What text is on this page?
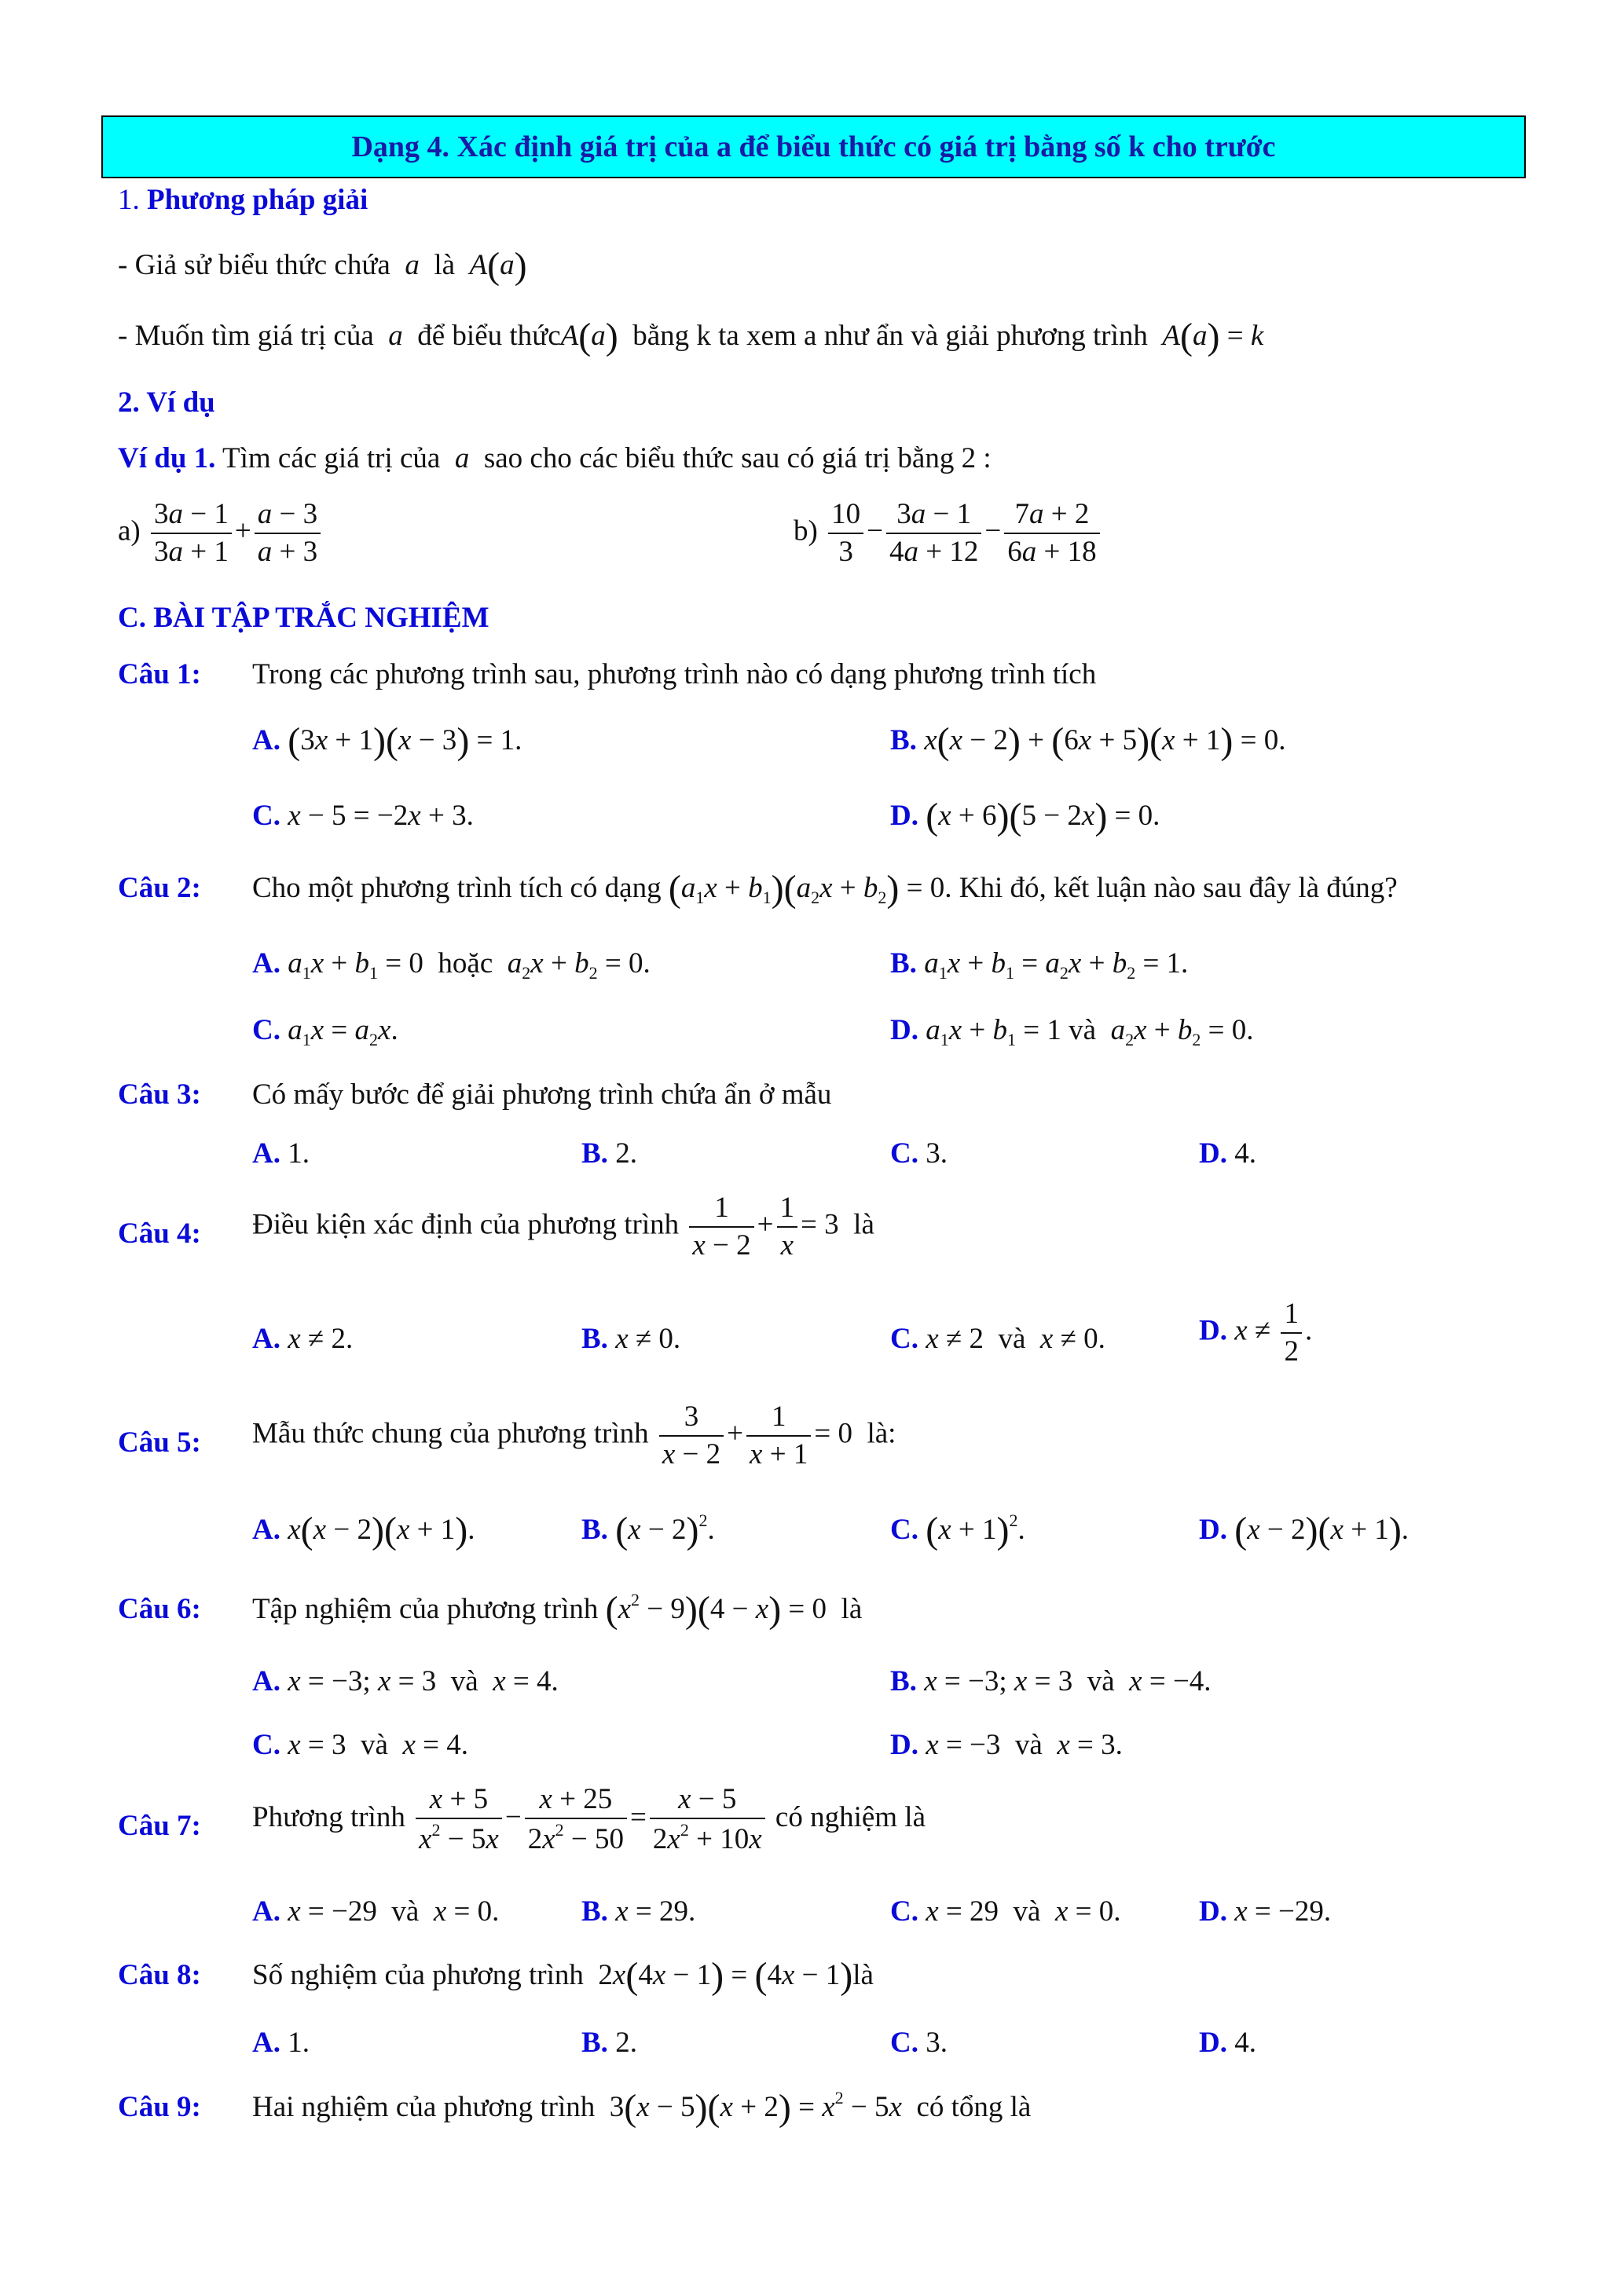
Dạng 4. Xác định giá trị của a để biểu thức có giá trị bằng số k cho trước
1. Phương pháp giải
- Giả sử biểu thức chứa a là A(a)
- Muốn tìm giá trị của a để biểu thứcA(a) bằng k ta xem a như ẩn và giải phương trình A(a) = k
2. Ví dụ
Ví dụ 1. Tìm các giá trị của a sao cho các biểu thức sau có giá trị bằng 2 :
$a) \frac{3a - 1}{3a + 1} + \frac{a - 3}{a + 3}$	$b) \frac{10}{3} - \frac{3a - 1}{4a + 12} - \frac{7a + 2}{6a + 18}$
C. BÀI TẬP TRẮC NGHIỆM
Câu 1: Trong các phương trình sau, phương trình nào có dạng phương trình tích
A. (3x + 1)(x − 3) = 1.	B. x(x − 2) + (6x + 5)(x + 1) = 0.
C. x − 5 = −2x + 3.	D. (x + 6)(5 − 2x) = 0.
Câu 2: Cho một phương trình tích có dạng $(a_1x + b_1)(a_2x + b_2) = 0$. Khi đó, kết luận nào sau đây là đúng?
A. $a_1x + b_1 = 0$  hoặc $a_2x + b_2 = 0$.	B. $a_1x + b_1 = a_2x + b_2 = 1$.
C. $a_1x = a_2x$.	D. $a_1x + b_1 = 1$ và $a_2x + b_2 = 0$.
Câu 3: Có mấy bước để giải phương trình chứa ẩn ở mẫu
A. 1.	B. 2.	C. 3.	D. 4.
Câu 4: Điều kiện xác định của phương trình $\frac{1}{x - 2} + \frac{1}{x} = 3$  là
A. x ≠ 2.	B. x ≠ 0.	C. x ≠ 2  và x ≠ 0.	D. $x \ne \frac{1}{2}$ .
Câu 5: Mẫu thức chung của phương trình $\frac{3}{x - 2} + \frac{1}{x + 1} = 0$  là:
A. x(x − 2)(x + 1).	B. $(x - 2)^2$.	C. $(x + 1)^2$.	D. (x − 2)(x + 1).
Câu 6: Tập nghiệm của phương trình $(x^2 - 9)(4 - x) = 0$  là
A. x = −3; x = 3  và x = 4.	B. x = −3; x = 3  và x = −4.
C. x = 3  và x = 4.	D. x = −3  và x = 3.
Câu 7: Phương trình $\frac{x + 5}{x^2 - 5x} - \frac{x + 25}{2x^2 - 50} = \frac{x - 5}{2x^2 + 10x}$ có nghiệm là
A. x = −29  và x = 0.	B. x = 29.	C. x = 29  và x = 0.	D. x = −29.
Câu 8: Số nghiệm của phương trình  2x(4x − 1) = (4x − 1)là
A. 1.	B. 2.	C. 3.	D. 4.
Câu 9: Hai nghiệm của phương trình  $3(x - 5)(x + 2) = x^2 - 5x$ có tổng là
